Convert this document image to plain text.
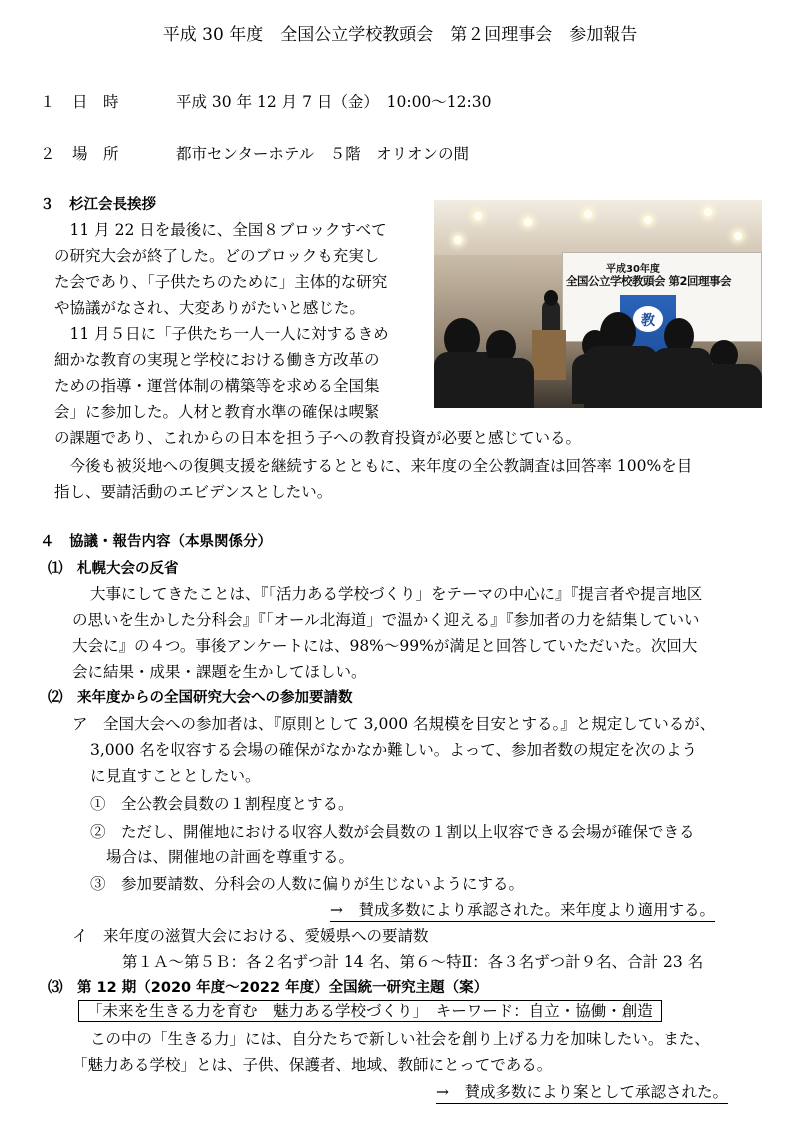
平成 30 年度　全国公立学校教頭会　第２回理事会　参加報告
１ 日　時	平成 30 年 12 月 7 日（金）　10:00～12:30
２ 場　所	都市センターホテル　５階　オリオンの間
３　杉江会長挨拶
　11 月 22 日を最後に、全国８ブロックすべて
の研究大会が終了した。どのブロックも充実し
た会であり、「子供たちのために」主体的な研究
や協議がなされ、大変ありがたいと感じた。
　11 月５日に「子供たち一人一人に対するきめ
細かな教育の実現と学校における働き方改革の
ための指導・運営体制の構築等を求める全国集
会」に参加した。人材と教育水準の確保は喫緊
の課題であり、これからの日本を担う子への教育投資が必要と感じている。
　今後も被災地への復興支援を継続するとともに、来年度の全公教調査は回答率 100%を目
指し、要請活動のエビデンスとしたい。
平成30年度
全国公立学校教頭会 第2回理事会
教
４　協議・報告内容（本県関係分）
⑴　札幌大会の反省
大事にしてきたことは、『「活力ある学校づくり」をテーマの中心に』『提言者や提言地区
の思いを生かした分科会』『「オール北海道」で温かく迎える』『参加者の力を結集していい
大会に』の４つ。事後アンケートには、98%～99%が満足と回答していただいた。次回大
会に結果・成果・課題を生かしてほしい。
⑵　来年度からの全国研究大会への参加要請数
ア　全国大会への参加者は、『原則として 3,000 名規模を目安とする。』と規定しているが、
3,000 名を収容する会場の確保がなかなか難しい。よって、参加者数の規定を次のよう
に見直すこととしたい。
①　全公教会員数の１割程度とする。
②　ただし、開催地における収容人数が会員数の１割以上収容できる会場が確保できる
場合は、開催地の計画を尊重する。
③　参加要請数、分科会の人数に偏りが生じないようにする。
→　賛成多数により承認された。来年度より適用する。
イ　来年度の滋賀大会における、愛媛県への要請数
第１Ａ～第５Ｂ：各２名ずつ計 14 名、第６～特Ⅱ：各３名ずつ計９名、合計 23 名
⑶　第 12 期（2020 年度～2022 年度）全国統一研究主題（案）
「未来を生きる力を育む　魅力ある学校づくり」　キーワード：自立・協働・創造
この中の「生きる力」には、自分たちで新しい社会を創り上げる力を加味したい。また、
「魅力ある学校」とは、子供、保護者、地域、教師にとってである。
→　賛成多数により案として承認された。
